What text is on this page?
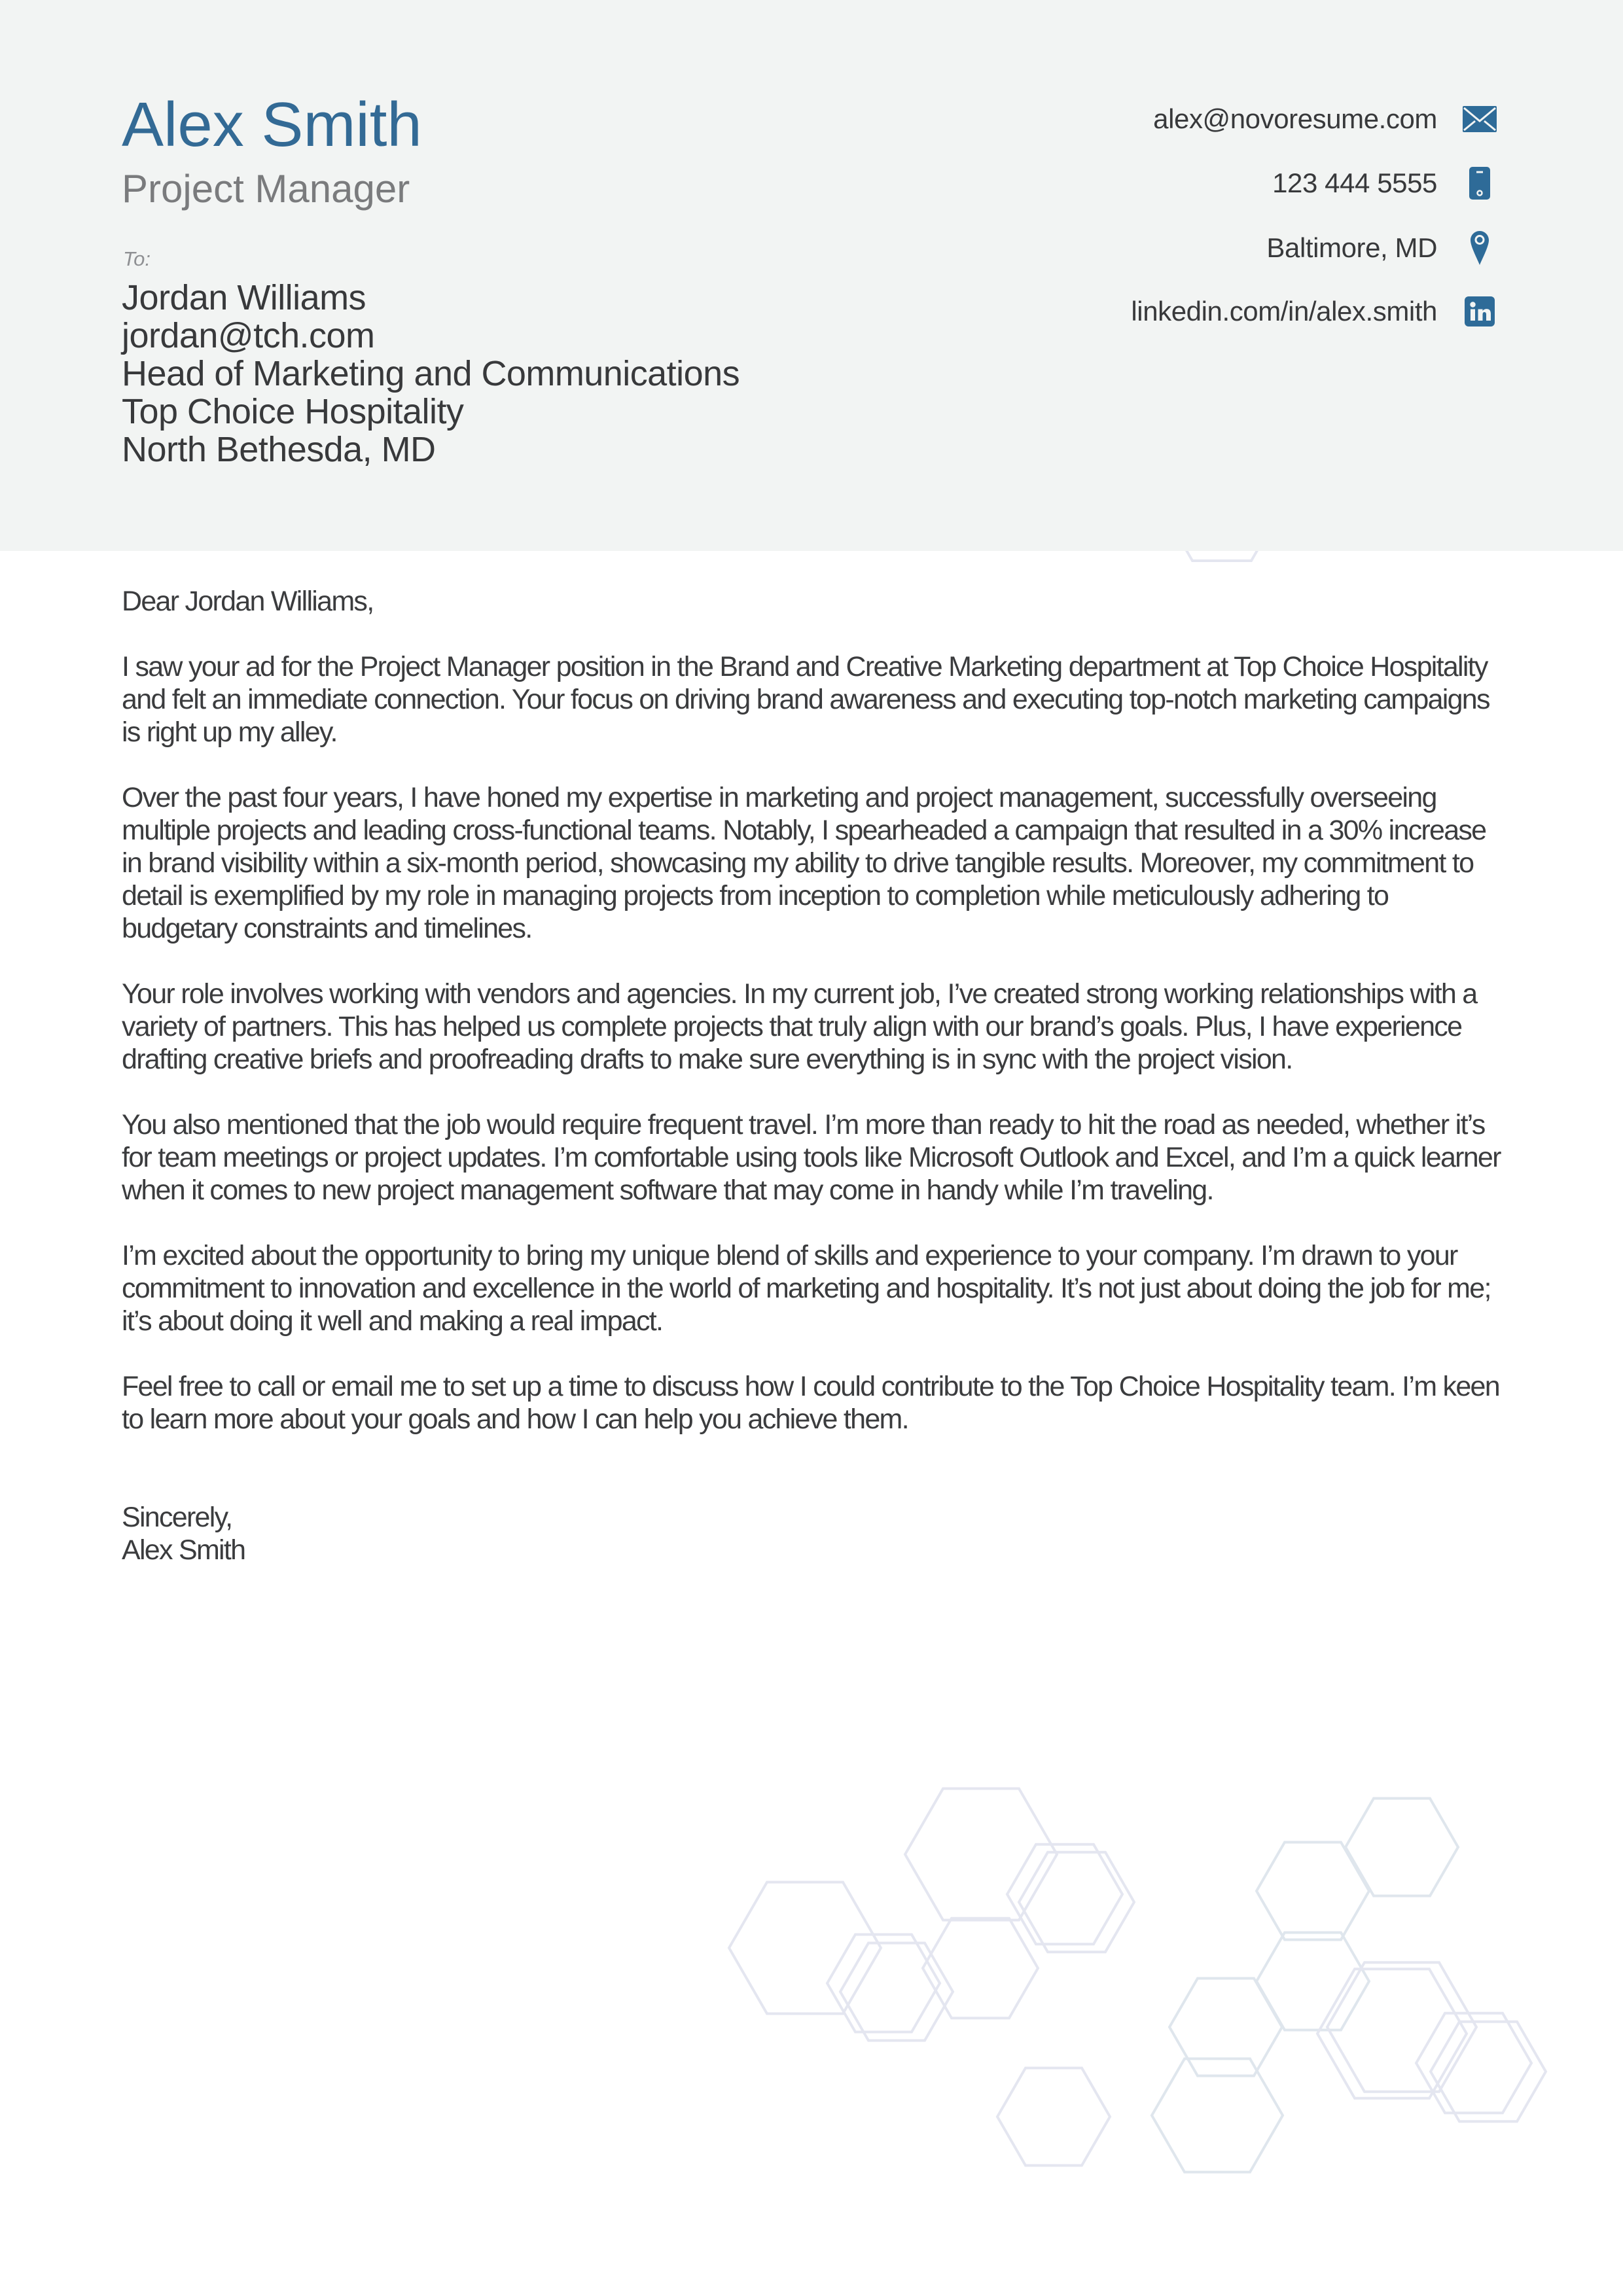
Alex Smith
Project Manager
To:
Jordan Williams
jordan@tch.com
Head of Marketing and Communications
Top Choice Hospitality
North Bethesda, MD
alex@novoresume.com
123 444 5555
Baltimore, MD
linkedin.com/in/alex.smith

Dear Jordan Williams,

I saw your ad for the Project Manager position in the Brand and Creative Marketing department at Top Choice Hospitality and felt an immediate connection. Your focus on driving brand awareness and executing top-notch marketing campaigns is right up my alley.

Over the past four years, I have honed my expertise in marketing and project management, successfully overseeing multiple projects and leading cross-functional teams. Notably, I spearheaded a campaign that resulted in a 30% increase in brand visibility within a six-month period, showcasing my ability to drive tangible results. Moreover, my commitment to detail is exemplified by my role in managing projects from inception to completion while meticulously adhering to budgetary constraints and timelines.

Your role involves working with vendors and agencies. In my current job, I’ve created strong working relationships with a variety of partners. This has helped us complete projects that truly align with our brand’s goals. Plus, I have experience drafting creative briefs and proofreading drafts to make sure everything is in sync with the project vision.

You also mentioned that the job would require frequent travel. I’m more than ready to hit the road as needed, whether it’s for team meetings or project updates. I’m comfortable using tools like Microsoft Outlook and Excel, and I’m a quick learner when it comes to new project management software that may come in handy while I’m traveling.

I’m excited about the opportunity to bring my unique blend of skills and experience to your company. I’m drawn to your commitment to innovation and excellence in the world of marketing and hospitality. It’s not just about doing the job for me; it’s about doing it well and making a real impact.

Feel free to call or email me to set up a time to discuss how I could contribute to the Top Choice Hospitality team. I’m keen to learn more about your goals and how I can help you achieve them.

Sincerely,
Alex Smith
